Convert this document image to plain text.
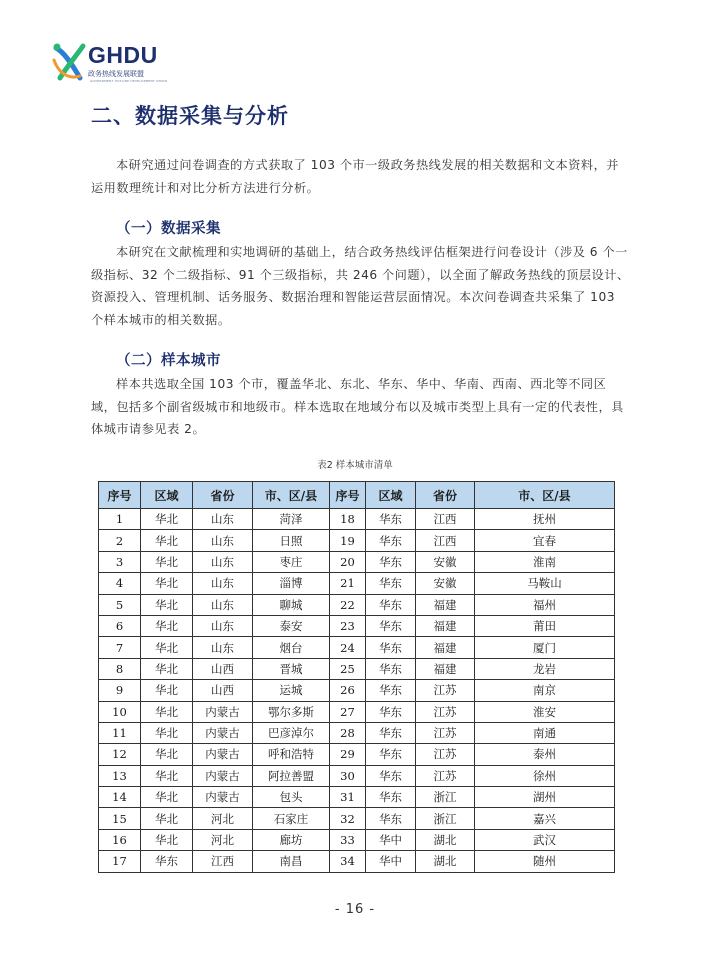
GHDU
政务热线发展联盟
GOVERNMENT HOTLINE DEVELOPMENT UNION
二、数据采集与分析
本研究通过问卷调查的方式获取了 103 个市一级政务热线发展的相关数据和文本资料，并运用数理统计和对比分析方法进行分析。
（一）数据采集
本研究在文献梳理和实地调研的基础上，结合政务热线评估框架进行问卷设计（涉及 6 个一级指标、32 个二级指标、91 个三级指标，共 246 个问题），以全面了解政务热线的顶层设计、资源投入、管理机制、话务服务、数据治理和智能运营层面情况。本次问卷调查共采集了 103 个样本城市的相关数据。
（二）样本城市
样本共选取全国 103 个市，覆盖华北、东北、华东、华中、华南、西南、西北等不同区域，包括多个副省级城市和地级市。样本选取在地域分布以及城市类型上具有一定的代表性，具体城市请参见表 2。
表2 样本城市清单
序号	区域	省份	市、区/县	序号	区域	省份	市、区/县
1	华北	山东	菏泽	18	华东	江西	抚州
2	华北	山东	日照	19	华东	江西	宜春
3	华北	山东	枣庄	20	华东	安徽	淮南
4	华北	山东	淄博	21	华东	安徽	马鞍山
5	华北	山东	聊城	22	华东	福建	福州
6	华北	山东	泰安	23	华东	福建	莆田
7	华北	山东	烟台	24	华东	福建	厦门
8	华北	山西	晋城	25	华东	福建	龙岩
9	华北	山西	运城	26	华东	江苏	南京
10	华北	内蒙古	鄂尔多斯	27	华东	江苏	淮安
11	华北	内蒙古	巴彦淖尔	28	华东	江苏	南通
12	华北	内蒙古	呼和浩特	29	华东	江苏	泰州
13	华北	内蒙古	阿拉善盟	30	华东	江苏	徐州
14	华北	内蒙古	包头	31	华东	浙江	湖州
15	华北	河北	石家庄	32	华东	浙江	嘉兴
16	华北	河北	廊坊	33	华中	湖北	武汉
17	华东	江西	南昌	34	华中	湖北	随州
- 16 -
